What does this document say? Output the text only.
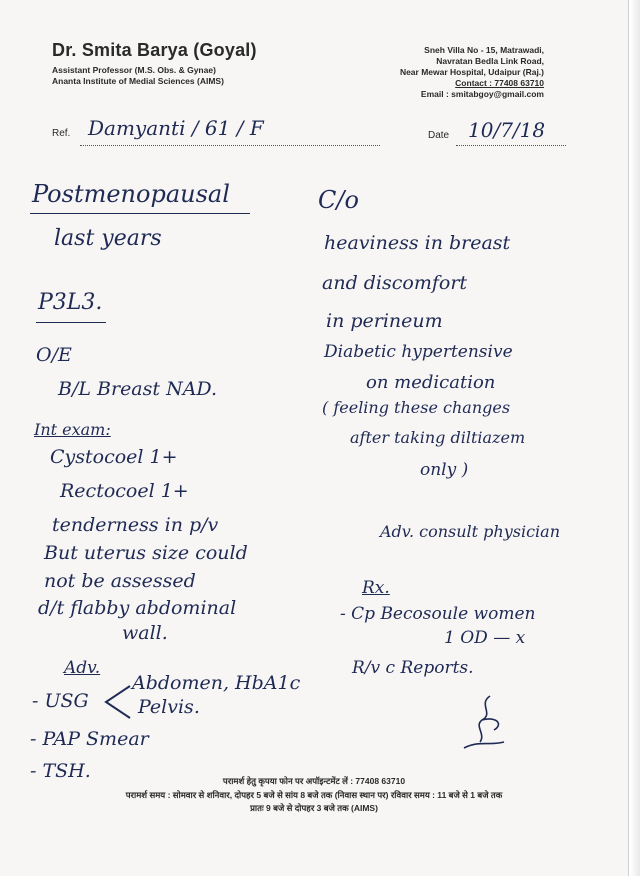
Dr. Smita Barya (Goyal)
Assistant Professor (M.S. Obs. & Gynae)
Ananta Institute of Medial Sciences (AIMS)
Sneh Villa No - 15, Matrawadi,
Navratan Bedla Link Road,
Near Mewar Hospital, Udaipur (Raj.)
Contact : 77408 63710
Email : smitabgoy@gmail.com
Ref. Damyanti / 61 / F	Date 10/7/18
Postmenopausal
last years
P3L3.
O/E
B/L Breast NAD.
Int exam:
Cystocoel 1+
Rectocoel 1+
tenderness in p/v
But uterus size could
not be assessed
d/t flabby abdominal
wall.
Adv.
Abdomen, HbA1c
- USG	Pelvis.
- PAP Smear
- TSH.
C/o
heaviness in breast
and discomfort
in perineum
Diabetic hypertensive
on medication
( feeling these changes
after taking diltiazem
only )
Adv. consult physician
Rx.
- Cp Becosoule women
1 OD — x
R/v c Reports.
परामर्श हेतु कृपया फोन पर अपॉइन्टमेंट लें : 77408 63710
परामर्श समय : सोमवार से शनिवार, दोपहर 5 बजे से सांय 8 बजे तक (निवास स्थान पर) रविवार समय : 11 बजे से 1 बजे तक
प्रातः 9 बजे से दोपहर 3 बजे तक (AIMS)
